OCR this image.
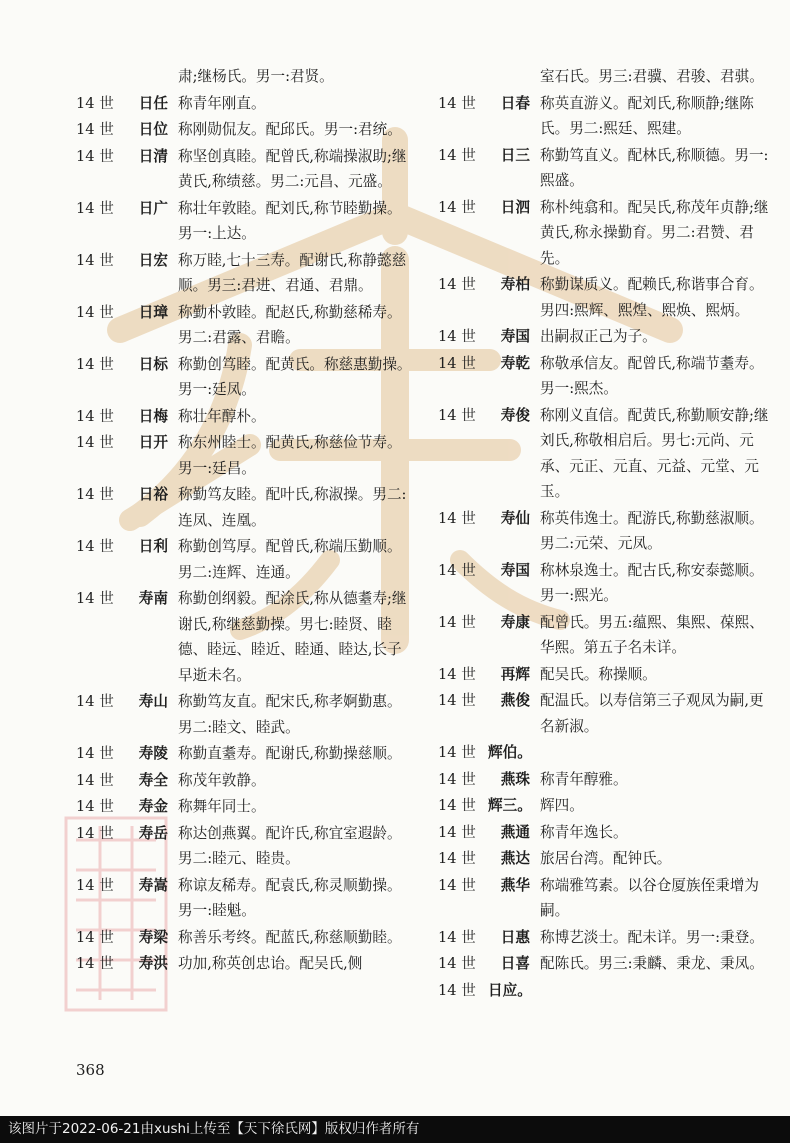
肃;继杨氏。男一:君贤。
14 世	日任 称青年刚直。
14 世	日位 称刚勋侃友。配邱氏。男一:君统。
14 世	日清 称坚创真睦。配曾氏,称端操淑助;继黄氏,称绩慈。男二:元昌、元盛。
14 世	日广 称壮年敦睦。配刘氏,称节睦勤操。男一:上达。
14 世	日宏 称万睦,七十三寿。配谢氏,称静懿慈顺。男三:君进、君通、君鼎。
14 世	日璋 称勤朴敦睦。配赵氏,称勤慈稀寿。男二:君露、君瞻。
14 世	日标 称勤创笃睦。配黄氏。称慈惠勤操。男一:廷凤。
14 世	日梅 称壮年醇朴。
14 世	日开 称东州睦士。配黄氏,称慈俭节寿。男一:廷昌。
14 世	日裕 称勤笃友睦。配叶氏,称淑操。男二:连凤、连凰。
14 世	日利 称勤创笃厚。配曾氏,称端压勤顺。男二:连辉、连通。
14 世	寿南 称勤创纲毅。配涂氏,称从德耋寿;继谢氏,称继慈勤操。男七:睦贤、睦德、睦远、睦近、睦通、睦达,长子早逝未名。
14 世	寿山 称勤笃友直。配宋氏,称孝婀勤惠。男二:睦文、睦武。
14 世	寿陵 称勤直耋寿。配谢氏,称勤操慈顺。
14 世	寿全 称茂年敦静。
14 世	寿金 称舞年同士。
14 世	寿岳 称达创燕翼。配许氏,称宜室遐龄。男二:睦元、睦贵。
14 世	寿嵩 称谅友稀寿。配袁氏,称灵顺勤操。男一:睦魁。
14 世	寿梁 称善乐考终。配蓝氏,称慈顺勤睦。
14 世	寿洪 功加,称英创忠诒。配吴氏,侧
室石氏。男三:君骥、君骏、君骐。
14 世	日春 称英直游义。配刘氏,称顺静;继陈氏。男二:熙廷、熙建。
14 世	日三 称勤笃直义。配林氏,称顺德。男一:熙盛。
14 世	日泗 称朴纯翕和。配吴氏,称茂年贞静;继黄氏,称永操勤育。男二:君赞、君先。
14 世	寿柏 称勤谋质义。配赖氏,称谐事合育。男四:熙辉、熙煌、熙焕、熙炳。
14 世	寿国 出嗣叔正己为子。
14 世	寿乾 称敬承信友。配曾氏,称端节耋寿。男一:熙杰。
14 世	寿俊 称刚义直信。配黄氏,称勤顺安静;继刘氏,称敬相启后。男七:元尚、元承、元正、元直、元益、元堂、元玉。
14 世	寿仙 称英伟逸士。配游氏,称勤慈淑顺。男二:元荣、元凤。
14 世	寿国 称林泉逸士。配古氏,称安泰懿顺。男一:熙光。
14 世	寿康 配曾氏。男五:蕴熙、集熙、葆熙、华熙。第五子名未详。
14 世	再辉 配吴氏。称操顺。
14 世	燕俊 配温氏。以寿信第三子观凤为嗣,更名新淑。
14 世 辉伯。
14 世	燕珠 称青年醇雅。
14 世 辉三。 辉四。
14 世	燕通 称青年逸长。
14 世	燕达 旅居台湾。配钟氏。
14 世	燕华 称端雅笃素。以谷仓厦族侄秉增为嗣。
14 世	日惠 称博艺淡士。配未详。男一:秉登。
14 世	日喜 配陈氏。男三:秉麟、秉龙、秉凤。
14 世 日应。
368
该图片于2022-06-21由xushi上传至【天下徐氏网】版权归作者所有
